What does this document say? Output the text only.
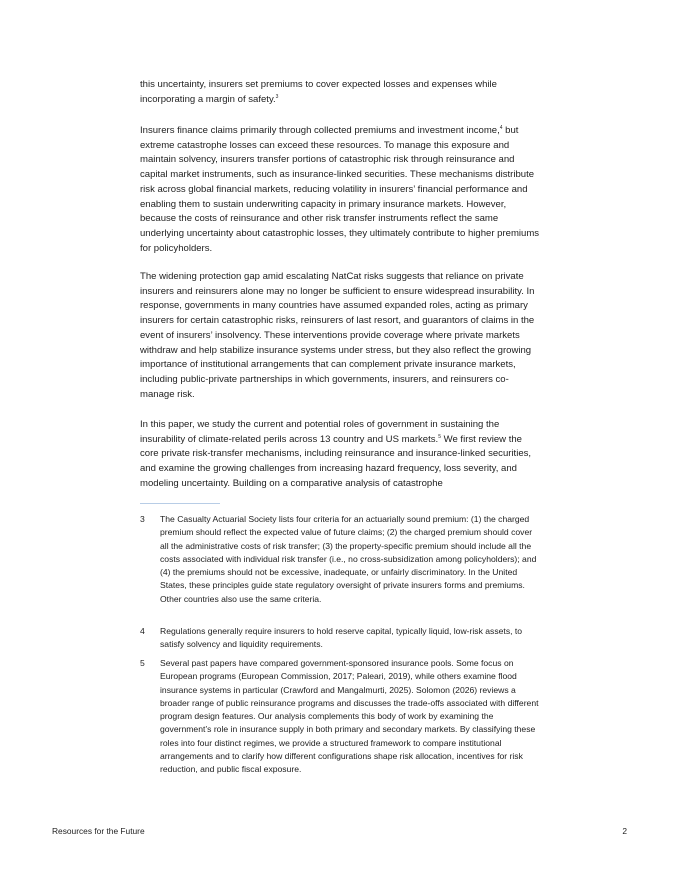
this uncertainty, insurers set premiums to cover expected losses and expenses while incorporating a margin of safety.$^3$

Insurers finance claims primarily through collected premiums and investment income,$^4$ but extreme catastrophe losses can exceed these resources. To manage this exposure and maintain solvency, insurers transfer portions of catastrophic risk through reinsurance and capital market instruments, such as insurance-linked securities. These mechanisms distribute risk across global financial markets, reducing volatility in insurers’ financial performance and enabling them to sustain underwriting capacity in primary insurance markets. However, because the costs of reinsurance and other risk transfer instruments reflect the same underlying uncertainty about catastrophic losses, they ultimately contribute to higher premiums for policyholders.

The widening protection gap amid escalating NatCat risks suggests that reliance on private insurers and reinsurers alone may no longer be sufficient to ensure widespread insurability. In response, governments in many countries have assumed expanded roles, acting as primary insurers for certain catastrophic risks, reinsurers of last resort, and guarantors of claims in the event of insurers’ insolvency. These interventions provide coverage where private markets withdraw and help stabilize insurance systems under stress, but they also reflect the growing importance of institutional arrangements that can complement private insurance markets, including public-private partnerships in which governments, insurers, and reinsurers co-manage risk.

In this paper, we study the current and potential roles of government in sustaining the insurability of climate-related perils across 13 country and US markets.$^5$ We first review the core private risk-transfer mechanisms, including reinsurance and insurance-linked securities, and examine the growing challenges from increasing hazard frequency, loss severity, and modeling uncertainty. Building on a comparative analysis of catastrophe

3	The Casualty Actuarial Society lists four criteria for an actuarially sound premium: (1) the charged premium should reflect the expected value of future claims; (2) the charged premium should cover all the administrative costs of risk transfer; (3) the property-specific premium should include all the costs associated with individual risk transfer (i.e., no cross-subsidization among policyholders); and (4) the premiums should not be excessive, inadequate, or unfairly discriminatory. In the United States, these principles guide state regulatory oversight of private insurers forms and premiums. Other countries also use the same criteria.
4	Regulations generally require insurers to hold reserve capital, typically liquid, low-risk assets, to satisfy solvency and liquidity requirements.
5	Several past papers have compared government-sponsored insurance pools. Some focus on European programs (European Commission, 2017; Paleari, 2019), while others examine flood insurance systems in particular (Crawford and Mangalmurti, 2025). Solomon (2026) reviews a broader range of public reinsurance programs and discusses the trade-offs associated with different program design features. Our analysis complements this body of work by examining the government’s role in insurance supply in both primary and secondary markets. By classifying these roles into four distinct regimes, we provide a structured framework to compare institutional arrangements and to clarify how different configurations shape risk allocation, incentives for risk reduction, and public fiscal exposure.
Resources for the Future	2
